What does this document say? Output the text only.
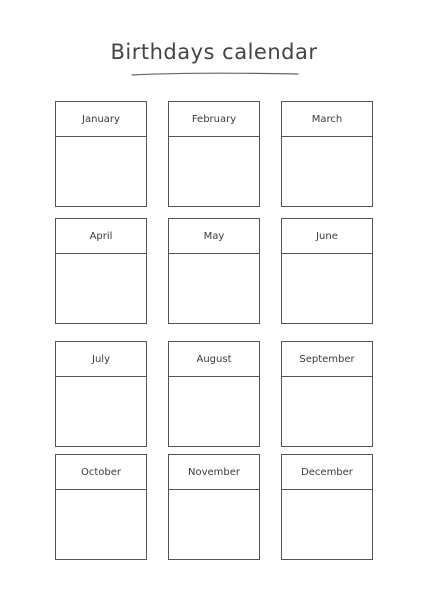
Birthdays calendar
January	February	March
April	May	June
July	August	September
October	November	December
